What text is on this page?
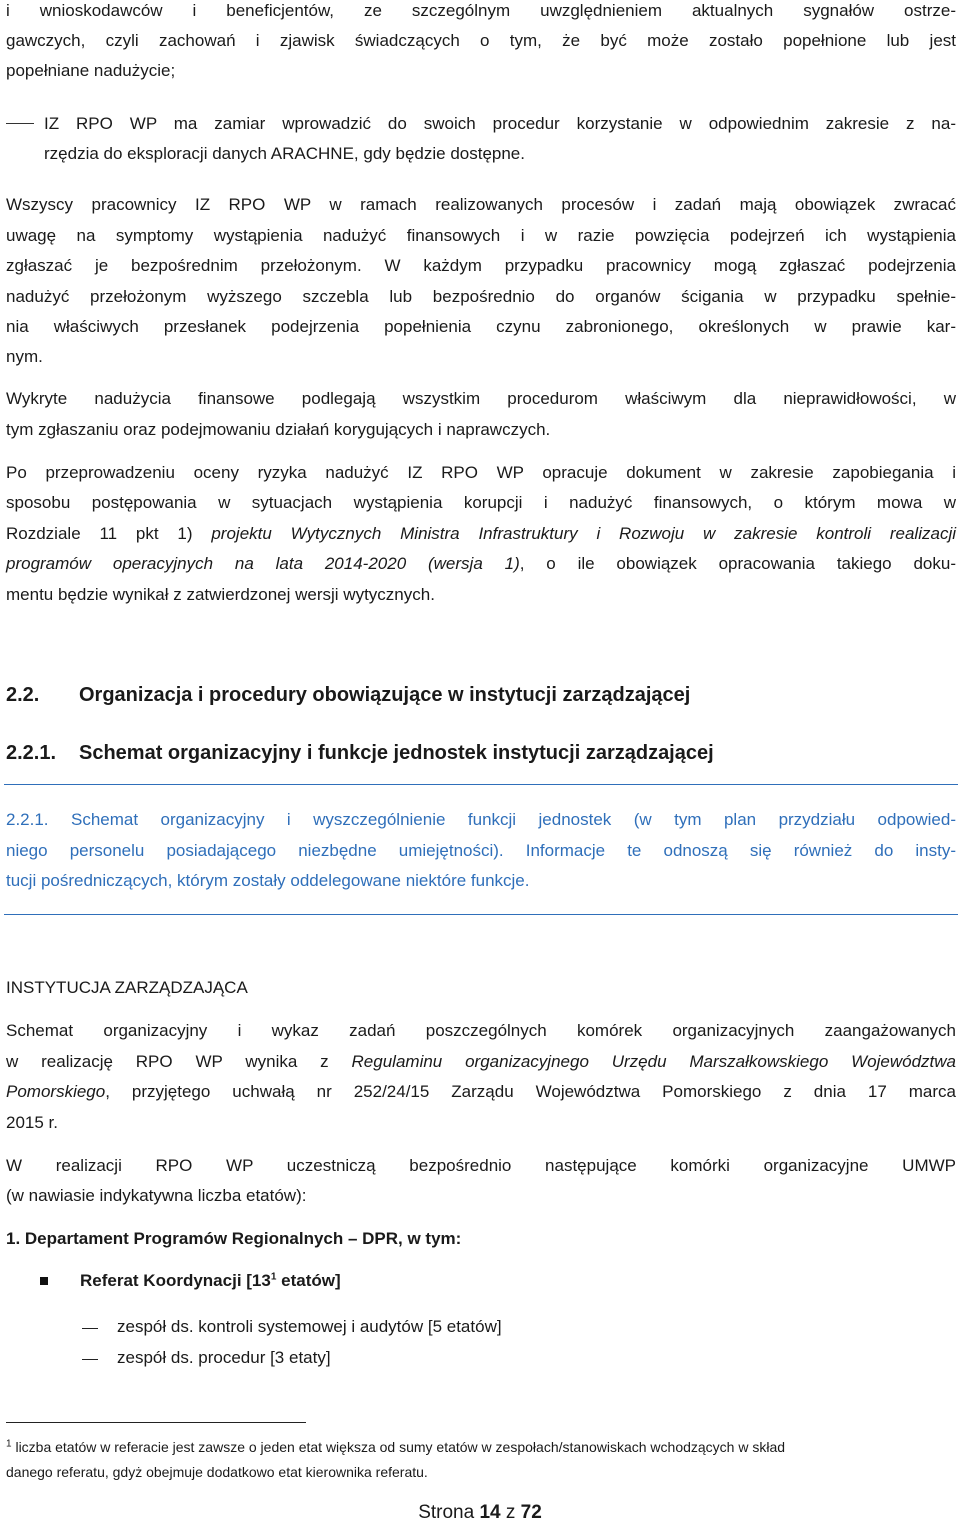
i wnioskodawców i beneficjentów, ze szczególnym uwzględnieniem aktualnych sygnałów ostrze-
gawczych, czyli zachowań i zjawisk świadczących o tym, że być może zostało popełnione lub jest
popełniane nadużycie;
IZ RPO WP ma zamiar wprowadzić do swoich procedur korzystanie w odpowiednim zakresie z na-
rzędzia do eksploracji danych ARACHNE, gdy będzie dostępne.
Wszyscy pracownicy IZ RPO WP w ramach realizowanych procesów i zadań mają obowiązek zwracać
uwagę na symptomy wystąpienia nadużyć finansowych i w razie powzięcia podejrzeń ich wystąpienia
zgłaszać je bezpośrednim przełożonym. W każdym przypadku pracownicy mogą zgłaszać podejrzenia
nadużyć przełożonym wyższego szczebla lub bezpośrednio do organów ścigania w przypadku spełnie-
nia właściwych przesłanek podejrzenia popełnienia czynu zabronionego, określonych w prawie kar-
nym.
Wykryte nadużycia finansowe podlegają wszystkim procedurom właściwym dla nieprawidłowości, w
tym zgłaszaniu oraz podejmowaniu działań korygujących i naprawczych.
Po przeprowadzeniu oceny ryzyka nadużyć IZ RPO WP opracuje dokument w zakresie zapobiegania i
sposobu postępowania w sytuacjach wystąpienia korupcji i nadużyć finansowych, o którym mowa w
Rozdziale 11 pkt 1) projektu Wytycznych Ministra Infrastruktury i Rozwoju w zakresie kontroli realizacji
programów operacyjnych na lata 2014-2020 (wersja 1), o ile obowiązek opracowania takiego doku-
mentu będzie wynikał z zatwierdzonej wersji wytycznych.
2.2. Organizacja i procedury obowiązujące w instytucji zarządzającej
2.2.1. Schemat organizacyjny i funkcje jednostek instytucji zarządzającej
2.2.1. Schemat organizacyjny i wyszczególnienie funkcji jednostek (w tym plan przydziału odpowied-
niego personelu posiadającego niezbędne umiejętności). Informacje te odnoszą się również do insty-
tucji pośredniczących, którym zostały oddelegowane niektóre funkcje.
INSTYTUCJA ZARZĄDZAJĄCA
Schemat organizacyjny i wykaz zadań poszczególnych komórek organizacyjnych zaangażowanych
w realizację RPO WP wynika z Regulaminu organizacyjnego Urzędu Marszałkowskiego Województwa
Pomorskiego, przyjętego uchwałą nr 252/24/15 Zarządu Województwa Pomorskiego z dnia 17 marca
2015 r.
W realizacji RPO WP uczestniczą bezpośrednio następujące komórki organizacyjne UMWP
(w nawiasie indykatywna liczba etatów):
1. Departament Programów Regionalnych – DPR, w tym:
Referat Koordynacji [$13^1$ etatów]
zespół ds. kontroli systemowej i audytów [5 etatów]
zespół ds. procedur [3 etaty]
$^1$ liczba etatów w referacie jest zawsze o jeden etat większa od sumy etatów w zespołach/stanowiskach wchodzących w skład
danego referatu, gdyż obejmuje dodatkowo etat kierownika referatu.
Strona 14 z 72
